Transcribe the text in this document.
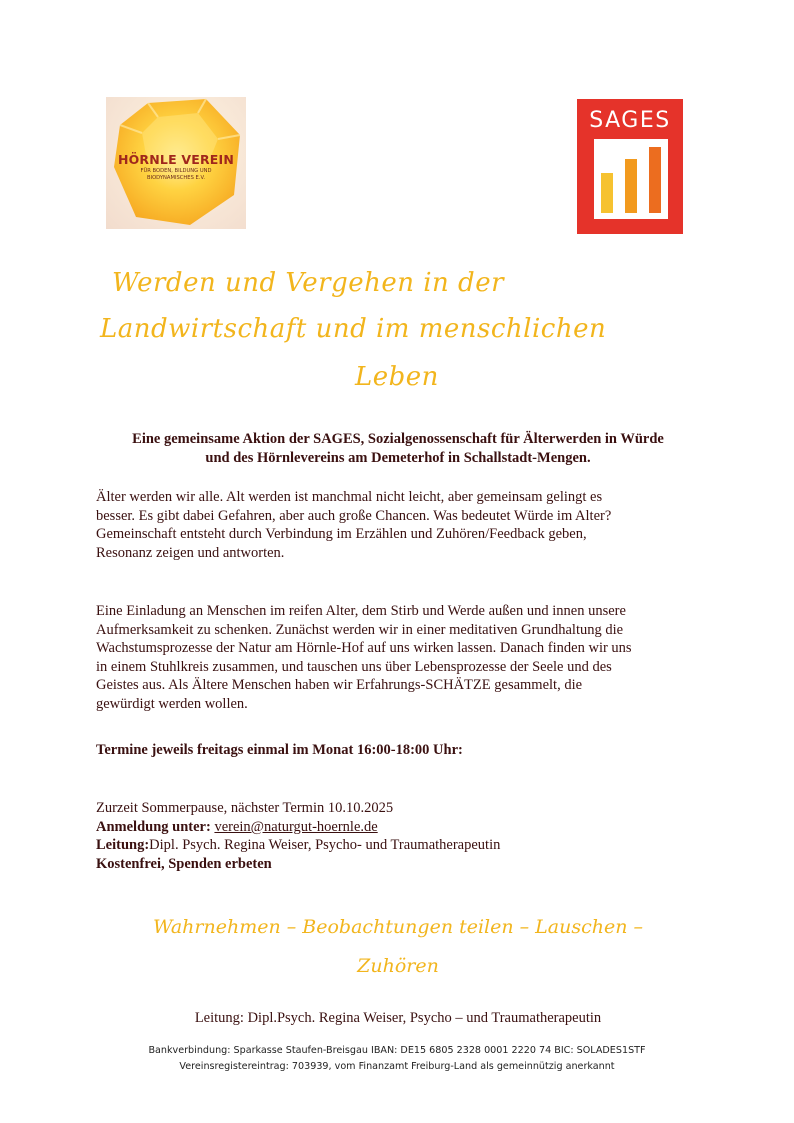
HÖRNLE VEREIN
FÜR BODEN, BILDUNG UND
BIODYNAMISCHES E.V.
SAGES
Werden und Vergehen in der
Landwirtschaft und im menschlichen
Leben
Eine gemeinsame Aktion der SAGES, Sozialgenossenschaft für Älterwerden in Würde
und des Hörnlevereins am Demeterhof in Schallstadt-Mengen.
Älter werden wir alle. Alt werden ist manchmal nicht leicht, aber gemeinsam gelingt es
besser. Es gibt dabei Gefahren, aber auch große Chancen. Was bedeutet Würde im Alter?
Gemeinschaft entsteht durch Verbindung im Erzählen und Zuhören/Feedback geben,
Resonanz zeigen und antworten.
Eine Einladung an Menschen im reifen Alter, dem Stirb und Werde außen und innen unsere
Aufmerksamkeit zu schenken. Zunächst werden wir in einer meditativen Grundhaltung die
Wachstumsprozesse der Natur am Hörnle-Hof auf uns wirken lassen. Danach finden wir uns
in einem Stuhlkreis zusammen, und tauschen uns über Lebensprozesse der Seele und des
Geistes aus. Als Ältere Menschen haben wir Erfahrungs-SCHÄTZE gesammelt, die
gewürdigt werden wollen.
Termine jeweils freitags einmal im Monat 16:00-18:00 Uhr:
Zurzeit Sommerpause, nächster Termin 10.10.2025
Anmeldung unter: verein@naturgut-hoernle.de
Leitung:Dipl. Psych. Regina Weiser, Psycho- und Traumatherapeutin
Kostenfrei, Spenden erbeten
Wahrnehmen – Beobachtungen teilen – Lauschen –
Zuhören
Leitung: Dipl.Psych. Regina Weiser, Psycho – und Traumatherapeutin
Bankverbindung: Sparkasse Staufen-Breisgau IBAN: DE15 6805 2328 0001 2220 74 BIC: SOLADES1STF
Vereinsregistereintrag: 703939, vom Finanzamt Freiburg-Land als gemeinnützig anerkannt
